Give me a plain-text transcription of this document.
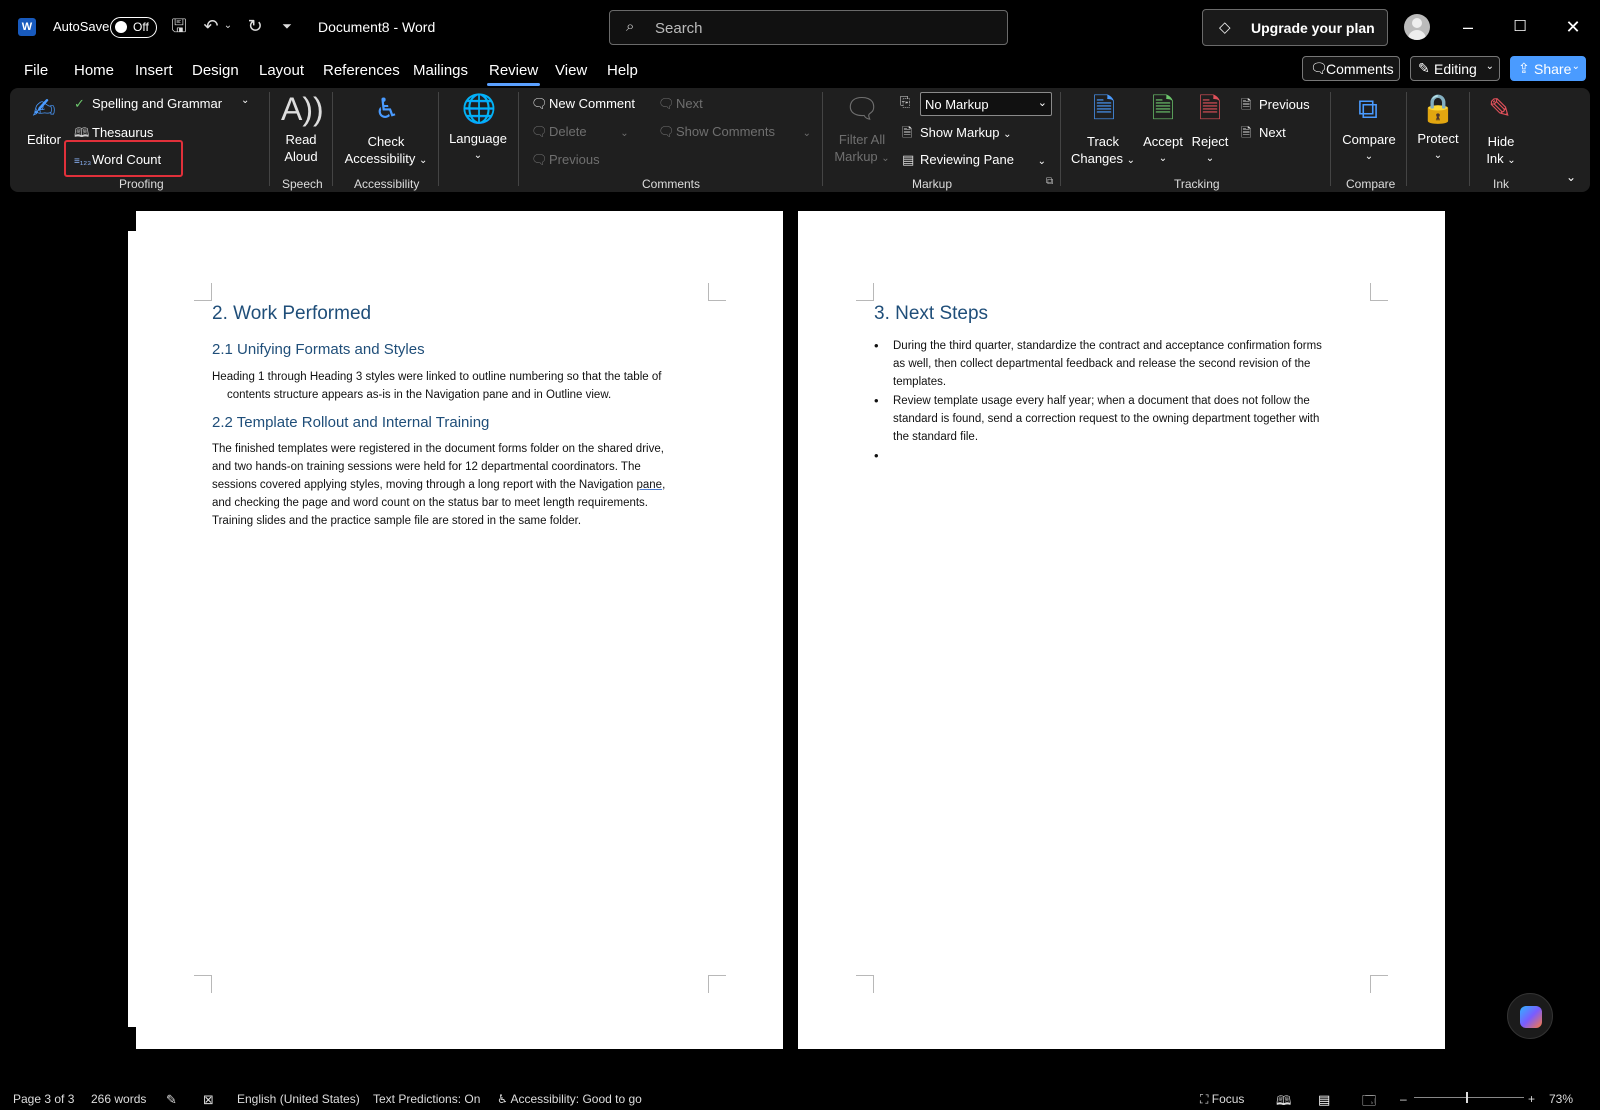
W AutoSave Off 🖫 ↶ ⌄ ↻	⏷	Document8 - Word	⌕ Search	◇ Upgrade your plan	–	☐	✕
File Home Insert Design Layout References Mailings Review View Help	🗨
Comments ✎ Editing ⌄ ⇪ Share ⌄
✍
Editor
✓ Spelling and Grammar ⌄
🕮 Thesaurus
≡₁₂₃Word Count
Proofing
A))
Read
Aloud
Speech
♿
Check
Accessibility ⌄
Accessibility
🌐
Language
⌄
🗨New Comment
🗨Delete	⌄
🗨Previous
🗨Next
🗨Show Comments	⌄
Comments
🗨
Filter All
Markup ⌄
⎘	No Markup	⌄
🗎 Show Markup ⌄
▤ Reviewing Pane ⌄
⧉
Markup
🗎
Track
Changes ⌄
🗎
Accept
⌄
🗎
Reject
⌄
🗎 Previous
🗎 Next
Tracking
⧉
Compare
⌄
Compare
🔒
Protect
⌄
✎
Hide
Ink ⌄
Ink	⌄
2. Work Performed
2.1 Unifying Formats and Styles
Heading 1 through Heading 3 styles were linked to outline numbering so that the table of
contents structure appears as-is in the Navigation pane and in Outline view.
2.2 Template Rollout and Internal Training
The finished templates were registered in the document forms folder on the shared drive,
and two hands-on training sessions were held for 12 departmental coordinators. The
sessions covered applying styles, moving through a long report with the Navigation pane,
and checking the page and word count on the status bar to meet length requirements.
Training slides and the practice sample file are stored in the same folder.
3. Next Steps
• During the third quarter, standardize the contract and acceptance confirmation forms
as well, then collect departmental feedback and release the second revision of the
templates.
• Review template usage every half year; when a document that does not follow the
standard is found, send a correction request to the owning department together with
the standard file.
•
Page 3 of 3 266 words ✎ ⊠ English (United States) Text Predictions: On ♿ Accessibility: Good to go	⛶ Focus 🕮 ▤ 🗔 –	+ 73%
